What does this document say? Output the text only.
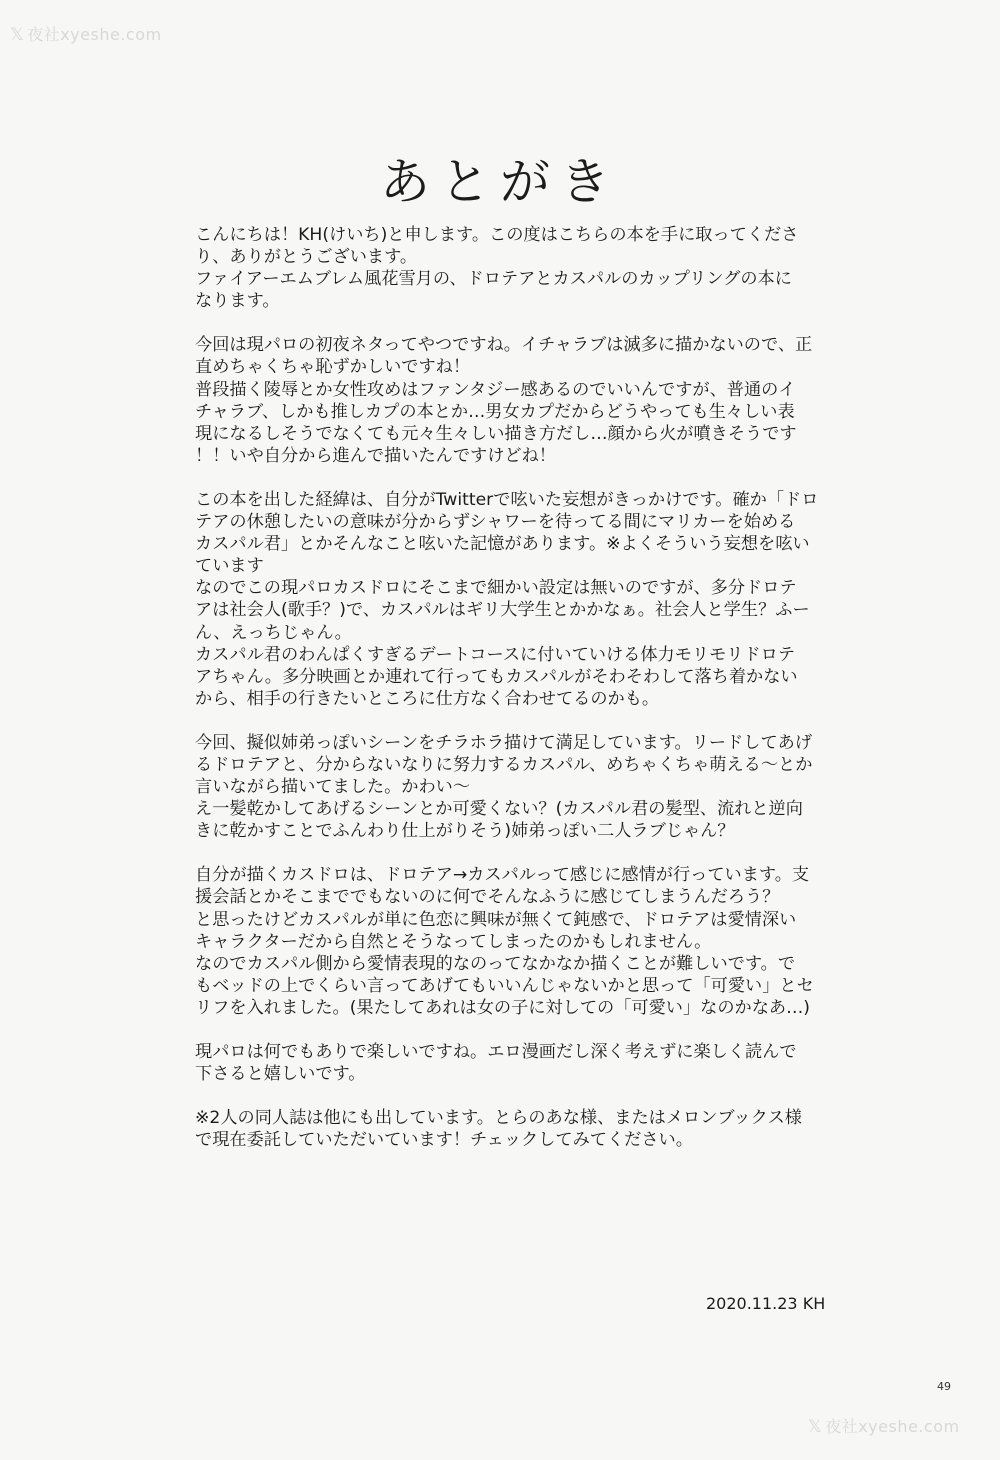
𝕏 夜社xyeshe.com
あとがき
こんにちは！KH(けいち)と申します。この度はこちらの本を手に取ってくださ
り、ありがとうございます。
ファイアーエムブレム風花雪月の、ドロテアとカスパルのカップリングの本に
なります。
今回は現パロの初夜ネタってやつですね。イチャラブは滅多に描かないので、正
直めちゃくちゃ恥ずかしいですね！
普段描く陵辱とか女性攻めはファンタジー感あるのでいいんですが、普通のイ
チャラブ、しかも推しカプの本とか…男女カプだからどうやっても生々しい表
現になるしそうでなくても元々生々しい描き方だし…顔から火が噴きそうです
！！いや自分から進んで描いたんですけどね！
この本を出した経緯は、自分がTwitterで呟いた妄想がきっかけです。確か「ドロ
テアの休憩したいの意味が分からずシャワーを待ってる間にマリカーを始める
カスパル君」とかそんなこと呟いた記憶があります。※よくそういう妄想を呟い
ています
なのでこの現パロカスドロにそこまで細かい設定は無いのですが、多分ドロテ
アは社会人(歌手？)で、カスパルはギリ大学生とかかなぁ。社会人と学生？ふー
ん、えっちじゃん。
カスパル君のわんぱくすぎるデートコースに付いていける体力モリモリドロテ
アちゃん。多分映画とか連れて行ってもカスパルがそわそわして落ち着かない
から、相手の行きたいところに仕方なく合わせてるのかも。
今回、擬似姉弟っぽいシーンをチラホラ描けて満足しています。リードしてあげ
るドロテアと、分からないなりに努力するカスパル、めちゃくちゃ萌える～とか
言いながら描いてました。かわい～
え一髪乾かしてあげるシーンとか可愛くない？(カスパル君の髪型、流れと逆向
きに乾かすことでふんわり仕上がりそう)姉弟っぽい二人ラブじゃん？
自分が描くカスドロは、ドロテア→カスパルって感じに感情が行っています。支
援会話とかそこまででもないのに何でそんなふうに感じてしまうんだろう？
と思ったけどカスパルが単に色恋に興味が無くて鈍感で、ドロテアは愛情深い
キャラクターだから自然とそうなってしまったのかもしれません。
なのでカスパル側から愛情表現的なのってなかなか描くことが難しいです。で
もベッドの上でくらい言ってあげてもいいんじゃないかと思って「可愛い」とセ
リフを入れました。(果たしてあれは女の子に対しての「可愛い」なのかなあ…)
現パロは何でもありで楽しいですね。エロ漫画だし深く考えずに楽しく読んで
下さると嬉しいです。
※2人の同人誌は他にも出しています。とらのあな様、またはメロンブックス様
で現在委託していただいています！チェックしてみてください。
2020.11.23 KH
49
𝕏 夜社xyeshe.com
